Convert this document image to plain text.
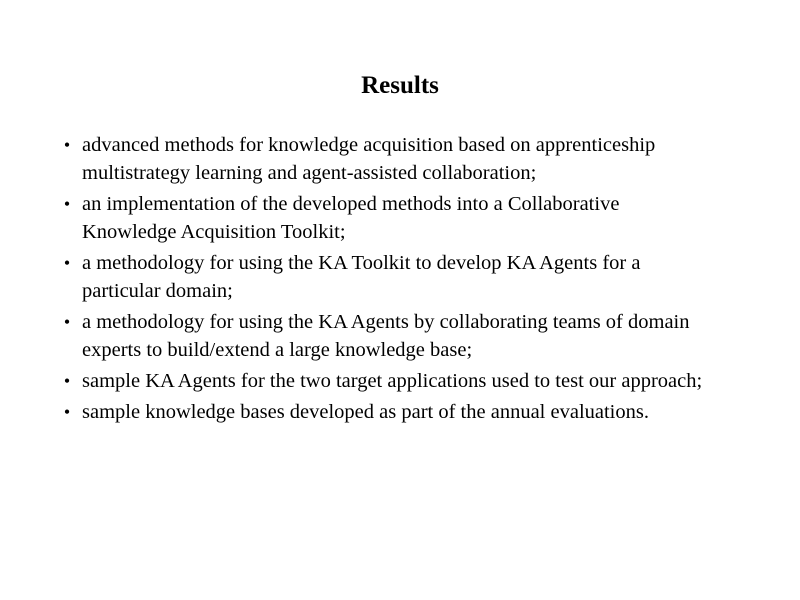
Results
• advanced methods for knowledge acquisition based on apprenticeship multistrategy learning and agent-assisted collaboration;
• an implementation of the developed methods into a Collaborative Knowledge Acquisition Toolkit;
• a methodology for using the KA Toolkit to develop KA Agents for a particular domain;
• a methodology for using the KA Agents by collaborating teams of domain experts to build/extend a large knowledge base;
• sample KA Agents for the two target applications used to test our approach;
• sample knowledge bases developed as part of the annual evaluations.
